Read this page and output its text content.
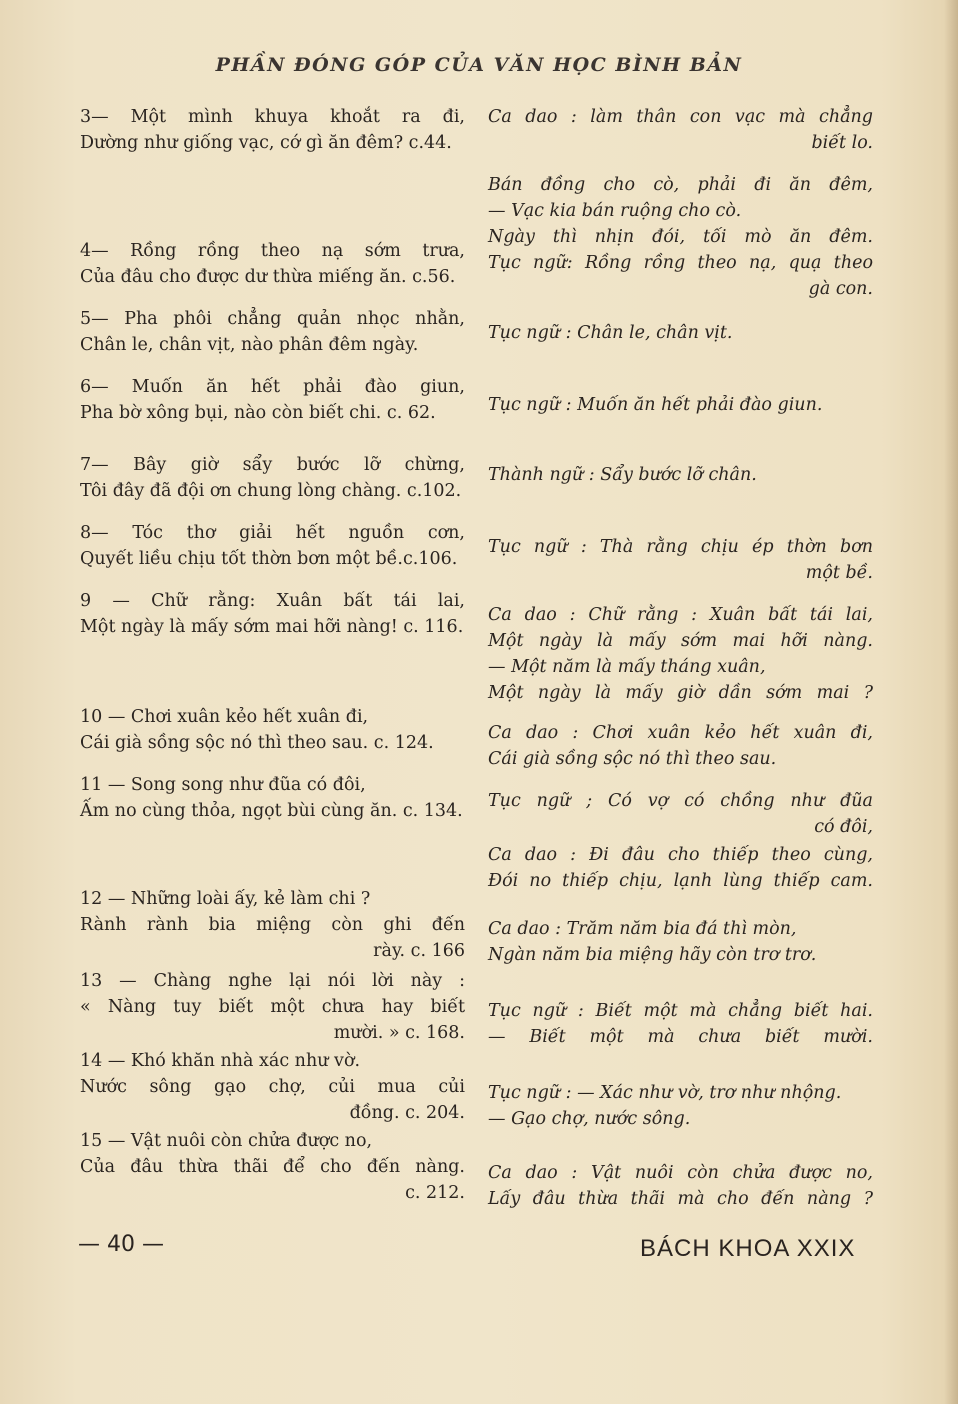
PHẦN ĐÓNG GÓP CỦA VĂN HỌC BÌNH BẢN
3— Một mình khuya khoắt ra đi,
Dường như giống vạc, cớ gì ăn đêm? c.44.
4— Rồng rồng theo nạ sớm trưa,
Của đâu cho được dư thừa miếng ăn. c.56.
5— Pha phôi chẳng quản nhọc nhằn,
Chân le, chân vịt, nào phân đêm ngày.
6— Muốn ăn hết phải đào giun,
Pha bờ xông bụi, nào còn biết chi. c. 62.
7— Bây giờ sẩy bước lỡ chừng,
Tôi đây đã đội ơn chung lòng chàng. c.102.
8— Tóc thơ giải hết nguồn cơn,
Quyết liều chịu tốt thờn bơn một bề.c.106.
9 — Chữ rằng: Xuân bất tái lai,
Một ngày là mấy sớm mai hỡi nàng! c. 116.
10 — Chơi xuân kẻo hết xuân đi,
Cái già sồng sộc nó thì theo sau. c. 124.
11 — Song song như đũa có đôi,
Ấm no cùng thỏa, ngọt bùi cùng ăn. c. 134.
12 — Những loài ấy, kẻ làm chi ?
Rành rành bia miệng còn ghi đến
rày. c. 166
13 — Chàng nghe lại nói lời này :
« Nàng tuy biết một chưa hay biết
mười. » c. 168.
14 — Khó khăn nhà xác như vờ.
Nước sông gạo chợ, củi mua củi
đồng. c. 204.
15 — Vật nuôi còn chửa được no,
Của đâu thừa thãi để cho đến nàng.
c. 212.
Ca dao : làm thân con vạc mà chẳng
biết lo.
Bán đồng cho cò, phải đi ăn đêm,
— Vạc kia bán ruộng cho cò.
Ngày thì nhịn đói, tối mò ăn đêm.
Tục ngữ: Rồng rồng theo nạ, quạ theo
gà con.
Tục ngữ : Chân le, chân vịt.
Tục ngữ : Muốn ăn hết phải đào giun.
Thành ngữ : Sẩy bước lỡ chân.
Tục ngữ : Thà rằng chịu ép thờn bơn
một bề.
Ca dao : Chữ rằng : Xuân bất tái lai,
Một ngày là mấy sớm mai hỡi nàng.
— Một năm là mấy tháng xuân,
Một ngày là mấy giờ dần sớm mai ?
Ca dao : Chơi xuân kẻo hết xuân đi,
Cái già sồng sộc nó thì theo sau.
Tục ngữ ; Có vợ có chồng như đũa
có đôi,
Ca dao : Đi đâu cho thiếp theo cùng,
Đói no thiếp chịu, lạnh lùng thiếp cam.
Ca dao : Trăm năm bia đá thì mòn,
Ngàn năm bia miệng hãy còn trơ trơ.
Tục ngữ : Biết một mà chẳng biết hai.
— Biết một mà chưa biết mười.
Tục ngữ : — Xác như vờ, trơ như nhộng.
— Gạo chợ, nước sông.
Ca dao : Vật nuôi còn chửa được no,
Lấy đâu thừa thãi mà cho đến nàng ?
— 40 —	BÁCH KHOA XXIX
